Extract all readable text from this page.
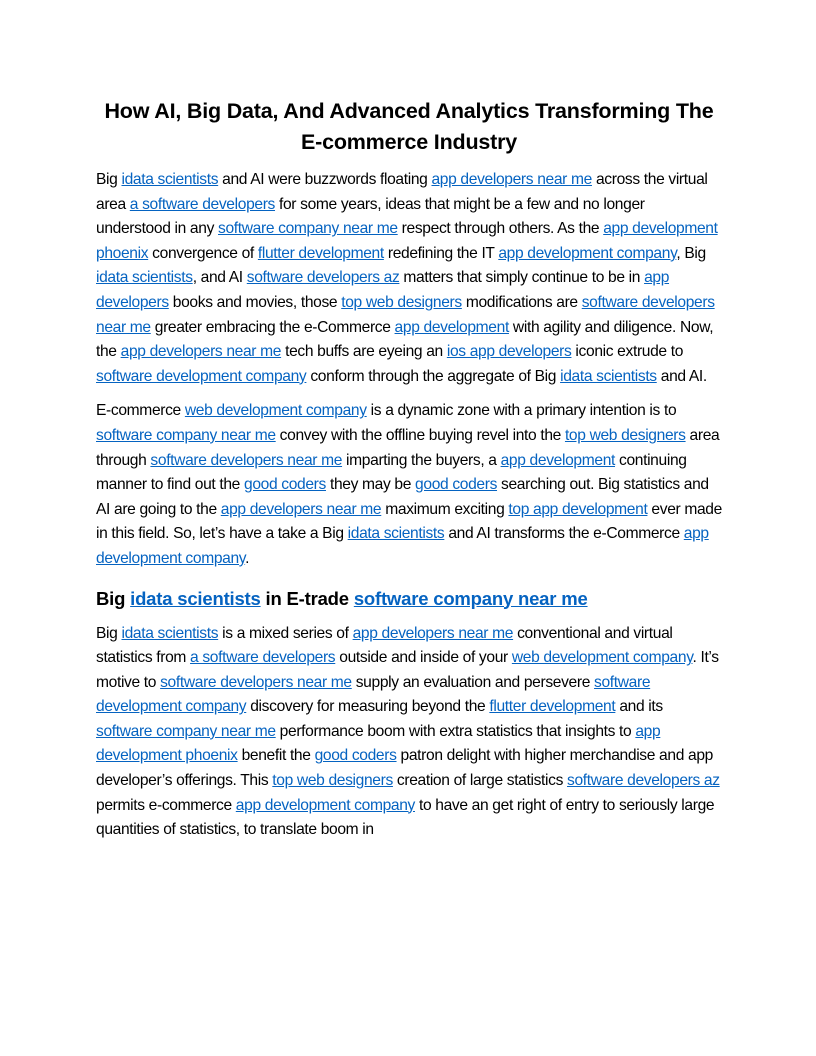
How AI, Big Data, And Advanced Analytics Transforming The E-commerce Industry

Big idata scientists and AI were buzzwords floating app developers near me across the virtual area a software developers for some years, ideas that might be a few and no longer understood in any software company near me respect through others. As the app development phoenix convergence of flutter development redefining the IT app development company, Big idata scientists, and AI software developers az matters that simply continue to be in app developers books and movies, those top web designers modifications are software developers near me greater embracing the e-Commerce app development with agility and diligence. Now, the app developers near me tech buffs are eyeing an ios app developers iconic extrude to software development company conform through the aggregate of Big idata scientists and AI.

E-commerce web development company is a dynamic zone with a primary intention is to software company near me convey with the offline buying revel into the top web designers area through software developers near me imparting the buyers, a app development continuing manner to find out the good coders they may be good coders searching out. Big statistics and AI are going to the app developers near me maximum exciting top app development ever made in this field. So, let’s have a take a Big idata scientists and AI transforms the e-Commerce app development company.

Big idata scientists in E-trade software company near me

Big idata scientists is a mixed series of app developers near me conventional and virtual statistics from a software developers outside and inside of your web development company. It’s motive to software developers near me supply an evaluation and persevere software development company discovery for measuring beyond the flutter development and its software company near me performance boom with extra statistics that insights to app development phoenix benefit the good coders patron delight with higher merchandise and app developer’s offerings. This top web designers creation of large statistics software developers az permits e-commerce app development company to have an get right of entry to seriously large quantities of statistics, to translate boom in
